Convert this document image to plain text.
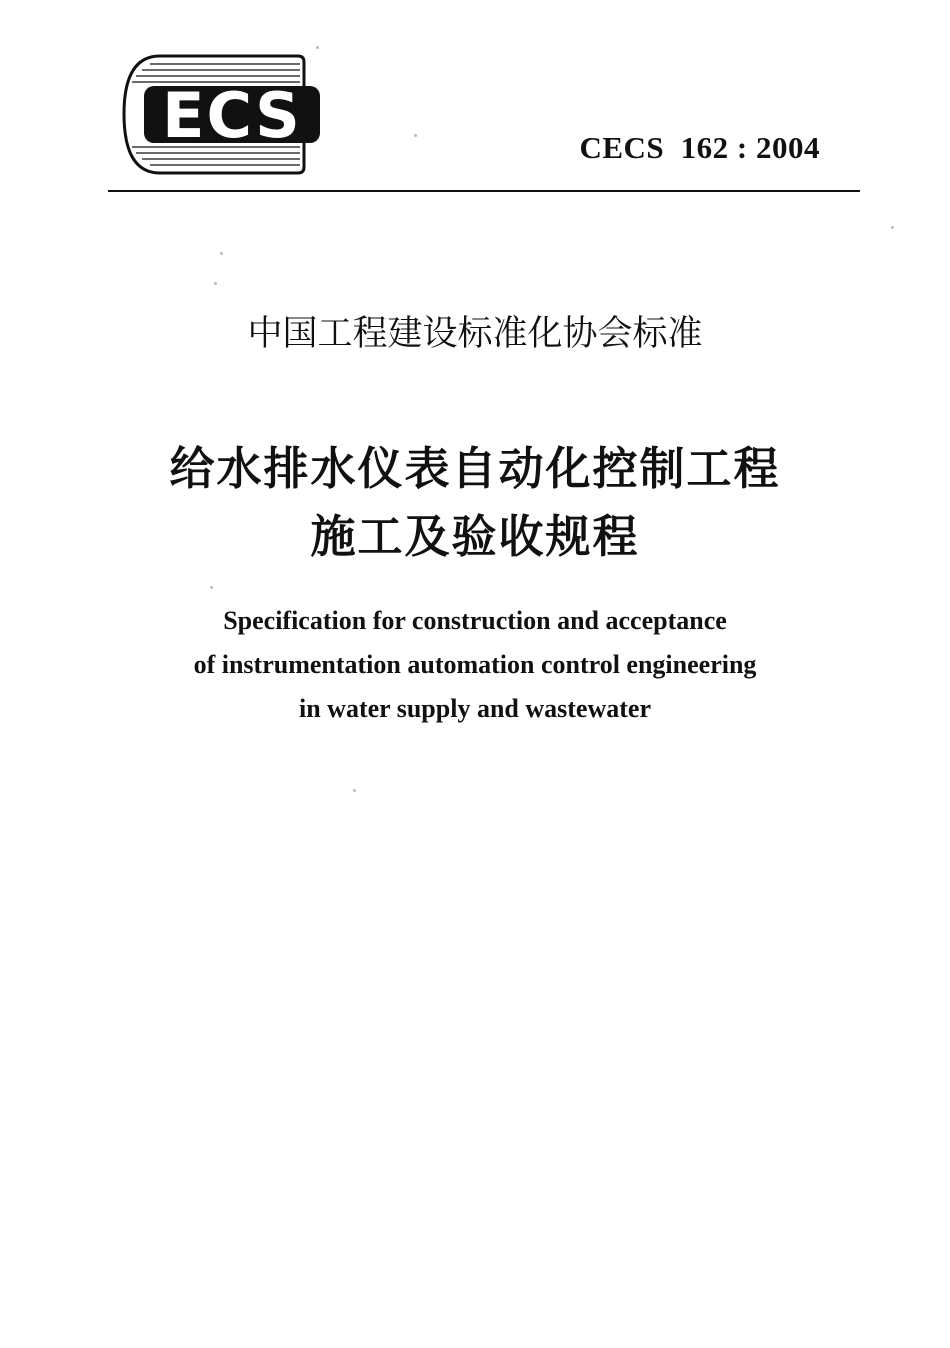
ECS	CECS  162 : 2004
中国工程建设标准化协会标准
给水排水仪表自动化控制工程
施工及验收规程
Specification for construction and acceptance
of instrumentation automation control engineering
in water supply and wastewater
